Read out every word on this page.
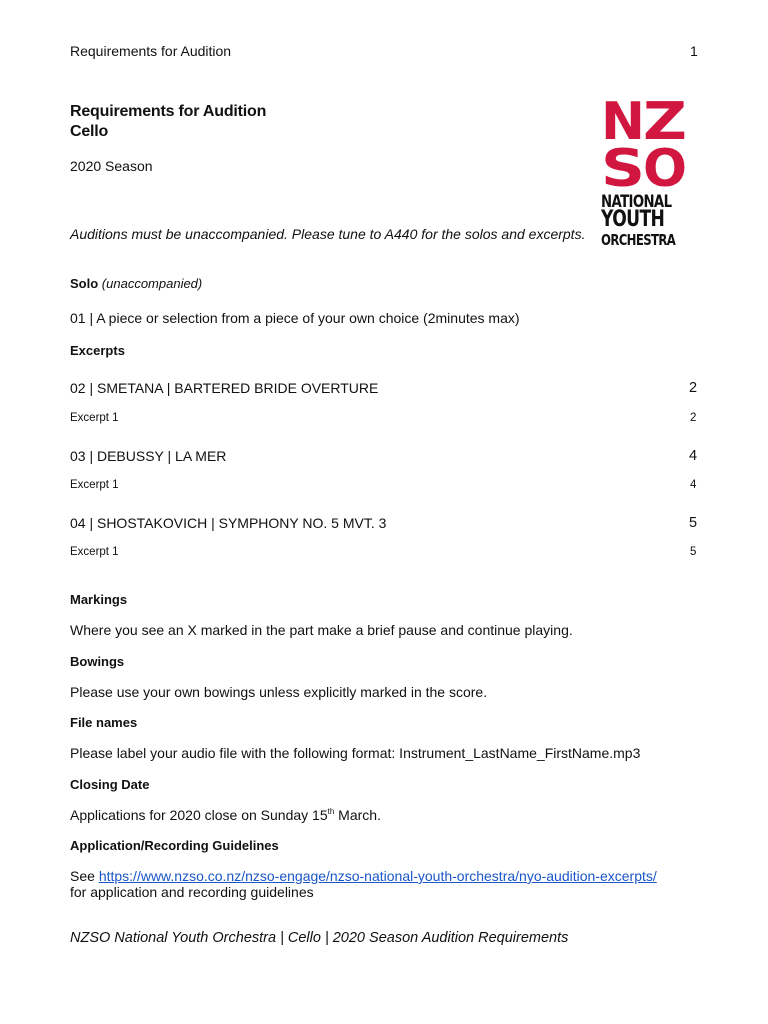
Requirements for Audition	1
Requirements for Audition
Cello
2020 Season
N
Z
S
O
NATIONAL
YOUTH
ORCHESTRA
Auditions must be unaccompanied. Please tune to A440 for the solos and excerpts.
Solo (unaccompanied)
01 | A piece or selection from a piece of your own choice (2minutes max)
Excerpts
02 | SMETANA | BARTERED BRIDE OVERTURE	2
Excerpt 1	2
03 | DEBUSSY | LA MER	4
Excerpt 1	4
04 | SHOSTAKOVICH | SYMPHONY NO. 5 MVT. 3	5
Excerpt 1	5
Markings
Where you see an X marked in the part make a brief pause and continue playing.
Bowings
Please use your own bowings unless explicitly marked in the score.
File names
Please label your audio file with the following format: Instrument_LastName_FirstName.mp3
Closing Date
Applications for 2020 close on Sunday 15th March.
Application/Recording Guidelines
See https://www.nzso.co.nz/nzso-engage/nzso-national-youth-orchestra/nyo-audition-excerpts/
for application and recording guidelines
NZSO National Youth Orchestra | Cello | 2020 Season Audition Requirements
